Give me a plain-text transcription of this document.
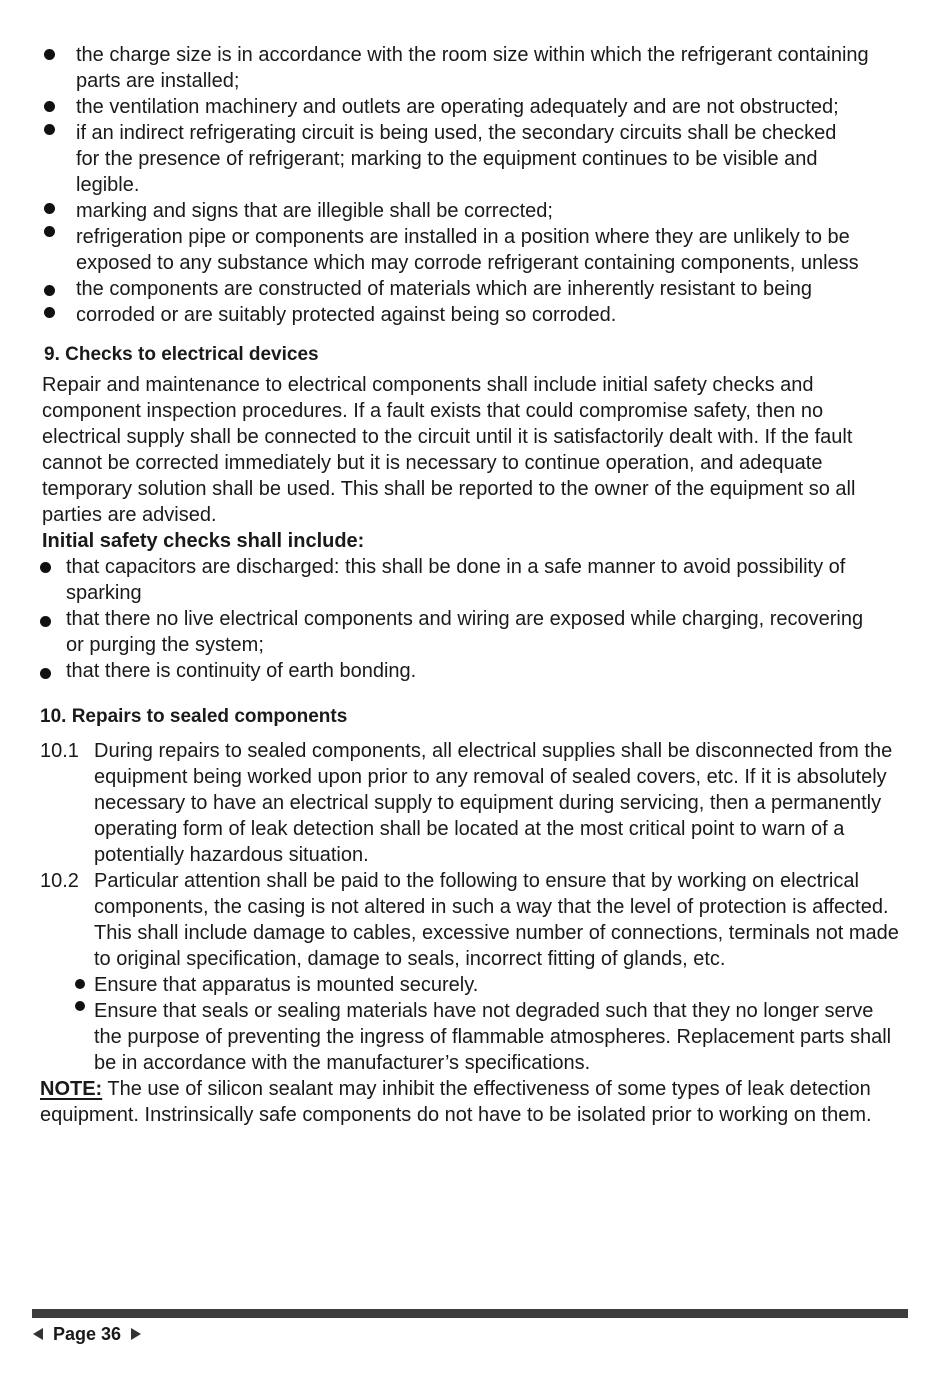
the charge size is in accordance with the room size within which the refrigerant containing
parts are installed;
the ventilation machinery and outlets are operating adequately and are not obstructed;
if an indirect refrigerating circuit is being used, the secondary circuits shall be checked
for the presence of refrigerant; marking to the equipment continues to be visible and
legible.
marking and signs that are illegible shall be corrected;
refrigeration pipe or components are installed in a position where they are unlikely to be
exposed to any substance which may corrode refrigerant containing components, unless
the components are constructed of materials which are inherently resistant to being
corroded or are suitably protected against being so corroded.
9. Checks to electrical devices
Repair and maintenance to electrical components shall include initial safety checks and
component inspection procedures. If a fault exists that could compromise safety, then no
electrical supply shall be connected to the circuit until it is satisfactorily dealt with. If the fault
cannot be corrected immediately but it is necessary to continue operation, and adequate
temporary solution shall be used. This shall be reported to the owner of the equipment so all
parties are advised.
Initial safety checks shall include:
that capacitors are discharged: this shall be done in a safe manner to avoid possibility of
sparking
that there no live electrical components and wiring are exposed while charging, recovering
or purging the system;
that there is continuity of earth bonding.
10. Repairs to sealed components
10.1 During repairs to sealed components, all electrical supplies shall be disconnected from the
equipment being worked upon prior to any removal of sealed covers, etc. If it is absolutely
necessary to have an electrical supply to equipment during servicing, then a permanently
operating form of leak detection shall be located at the most critical point to warn of a
potentially hazardous situation.
10.2 Particular attention shall be paid to the following to ensure that by working on electrical
components, the casing is not altered in such a way that the level of protection is affected.
This shall include damage to cables, excessive number of connections, terminals not made
to original specification, damage to seals, incorrect fitting of glands, etc.
Ensure that apparatus is mounted securely.
Ensure that seals or sealing materials have not degraded such that they no longer serve
the purpose of preventing the ingress of flammable atmospheres. Replacement parts shall
be in accordance with the manufacturer’s specifications.
NOTE: The use of silicon sealant may inhibit the effectiveness of some types of leak detection
equipment. Instrinsically safe components do not have to be isolated prior to working on them.
Page 36
